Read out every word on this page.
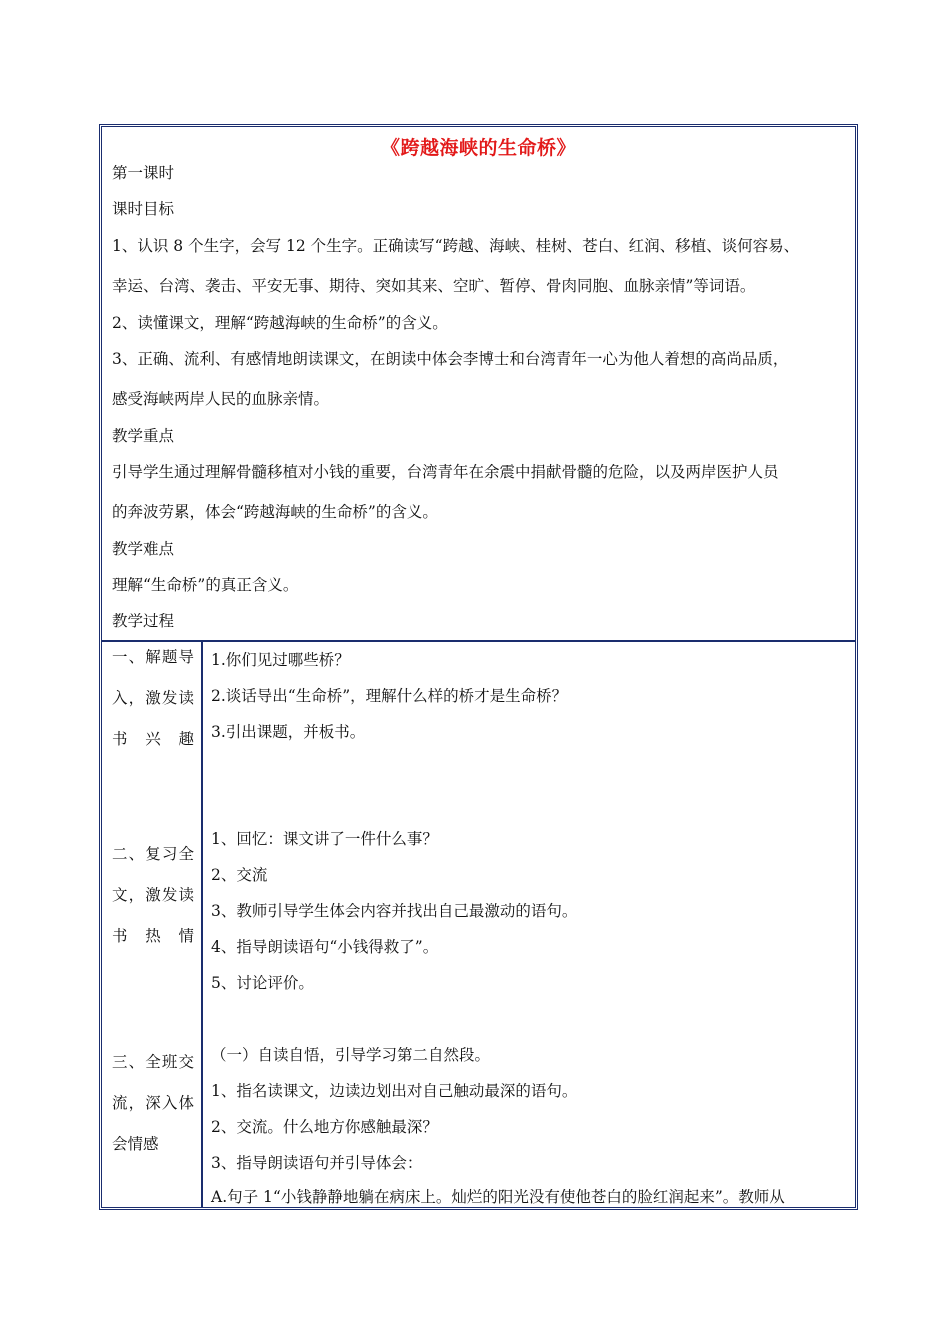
《跨越海峡的生命桥》
第一课时
课时目标
1、认识 8 个生字，会写 12 个生字。正确读写“跨越、海峡、桂树、苍白、红润、移植、谈何容易、
幸运、台湾、袭击、平安无事、期待、突如其来、空旷、暂停、骨肉同胞、血脉亲情”等词语。
2、读懂课文，理解“跨越海峡的生命桥”的含义。
3、正确、流利、有感情地朗读课文，在朗读中体会李博士和台湾青年一心为他人着想的高尚品质，
感受海峡两岸人民的血脉亲情。
教学重点
引导学生通过理解骨髓移植对小钱的重要，台湾青年在余震中捐献骨髓的危险，以及两岸医护人员
的奔波劳累，体会“跨越海峡的生命桥”的含义。
教学难点
理解“生命桥”的真正含义。
教学过程
一、解题导入，激发读书兴趣
1.你们见过哪些桥？
2.谈话导出“生命桥”，理解什么样的桥才是生命桥？
3.引出课题，并板书。
二、复习全文，激发读书热情
1、回忆：课文讲了一件什么事？
2、交流
3、教师引导学生体会内容并找出自己最激动的语句。
4、指导朗读语句“小钱得救了”。
5、讨论评价。
三、全班交流，深入体会情感
（一）自读自悟，引导学习第二自然段。
1、指名读课文，边读边划出对自己触动最深的语句。
2、交流。什么地方你感触最深？
3、指导朗读语句并引导体会：
A.句子 1“小钱静静地躺在病床上。灿烂的阳光没有使他苍白的脸红润起来”。教师从
